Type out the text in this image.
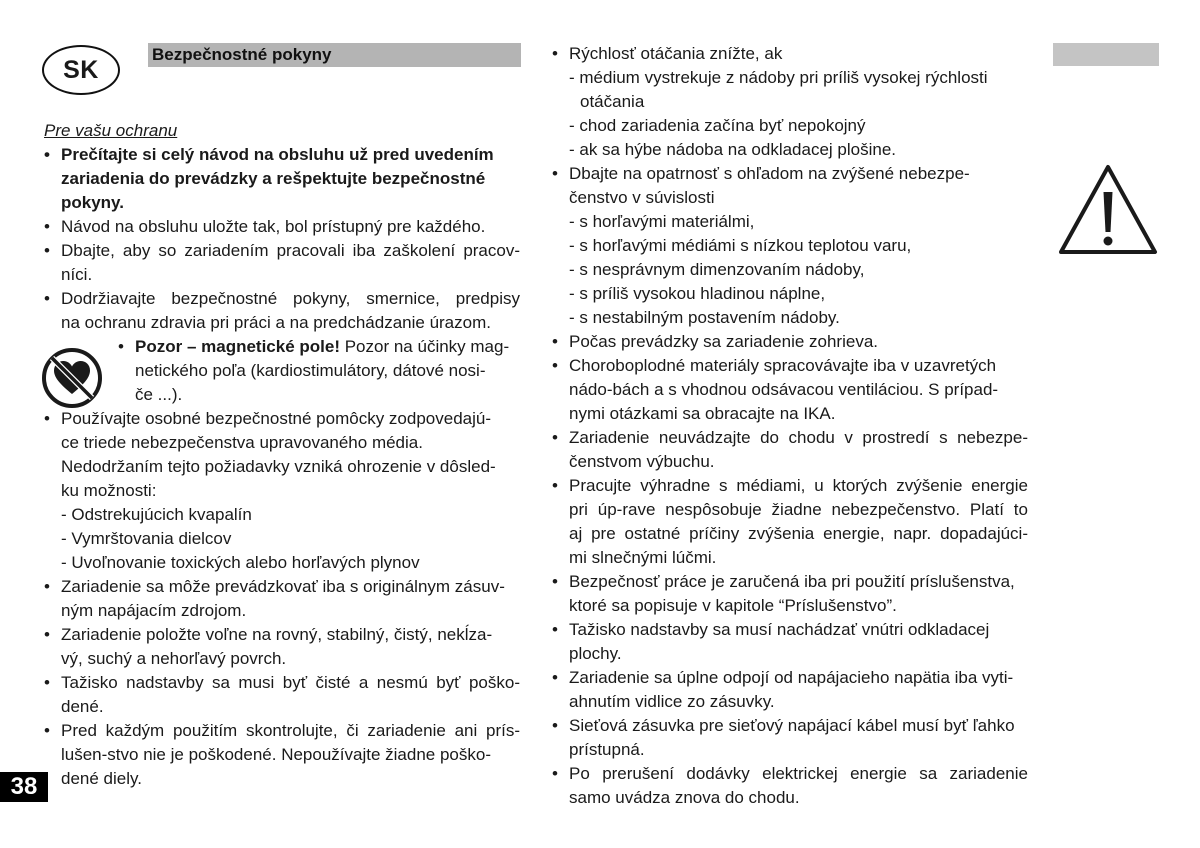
SK
Bezpečnostné pokyny
Pre vašu ochranu
• Prečítajte si celý návod na obsluhu už pred uvedením
zariadenia do prevádzky a rešpektujte bezpečnostné
pokyny.
• Návod na obsluhu uložte tak, bol prístupný pre každého.
• Dbajte, aby so zariadením pracovali iba zaškolení pracov-
níci.
• Dodržiavajte bezpečnostné pokyny, smernice, predpisy
na ochranu zdravia pri práci a na predchádzanie úrazom.
• Pozor – magnetické pole! Pozor na účinky mag-
netického poľa (kardiostimulátory, dátové nosi-
če ...).
• Používajte osobné bezpečnostné pomôcky zodpovedajú-
ce triede nebezpečenstva upravovaného média.
Nedodržaním tejto požiadavky vzniká ohrozenie v dôsled-
ku možnosti:
- Odstrekujúcich kvapalín
- Vymrštovania dielcov
- Uvoľnovanie toxických alebo horľavých plynov
• Zariadenie sa môže prevádzkovať iba s originálnym zásuv-
ným napájacím zdrojom.
• Zariadenie položte voľne na rovný, stabilný, čistý, nekĺza-
vý, suchý a nehorľavý povrch.
• Tažisko nadstavby sa musi byť čisté a nesmú byť poško-
dené.
• Pred každým použitím skontrolujte, či zariadenie ani prís-
lušen-stvo nie je poškodené. Nepoužívajte žiadne poško-
dené diely.
• Rýchlosť otáčania znížte, ak
- médium vystrekuje z nádoby pri príliš vysokej rýchlosti
otáčania
- chod zariadenia začína byť nepokojný
- ak sa hýbe nádoba na odkladacej plošine.
• Dbajte na opatrnosť s ohľadom na zvýšené nebezpe-
čenstvo v súvislosti
- s horľavými materiálmi,
- s horľavými médiámi s nízkou teplotou varu,
- s nesprávnym dimenzovaním nádoby,
- s príliš vysokou hladinou náplne,
- s nestabilným postavením nádoby.
• Počas prevádzky sa zariadenie zohrieva.
• Choroboplodné materiály spracovávajte iba v uzavretých
nádo-bách a s vhodnou odsávacou ventiláciou. S prípad-
nymi otázkami sa obracajte na IKA.
• Zariadenie neuvádzajte do chodu v prostredí s nebezpe-
čenstvom výbuchu.
• Pracujte výhradne s médiami, u ktorých zvýšenie energie
pri úp-rave nespôsobuje žiadne nebezpečenstvo. Platí to
aj pre ostatné príčiny zvýšenia energie, napr. dopadajúci-
mi slnečnými lúčmi.
• Bezpečnosť práce je zaručená iba pri použití príslušenstva,
ktoré sa popisuje v kapitole “Príslušenstvo”.
• Tažisko nadstavby sa musí nachádzať vnútri odkladacej
plochy.
• Zariadenie sa úplne odpojí od napájacieho napätia iba vyti-
ahnutím vidlice zo zásuvky.
• Sieťová zásuvka pre sieťový napájací kábel musí byť ľahko
prístupná.
• Po prerušení dodávky elektrickej energie sa zariadenie
samo uvádza znova do chodu.
38
